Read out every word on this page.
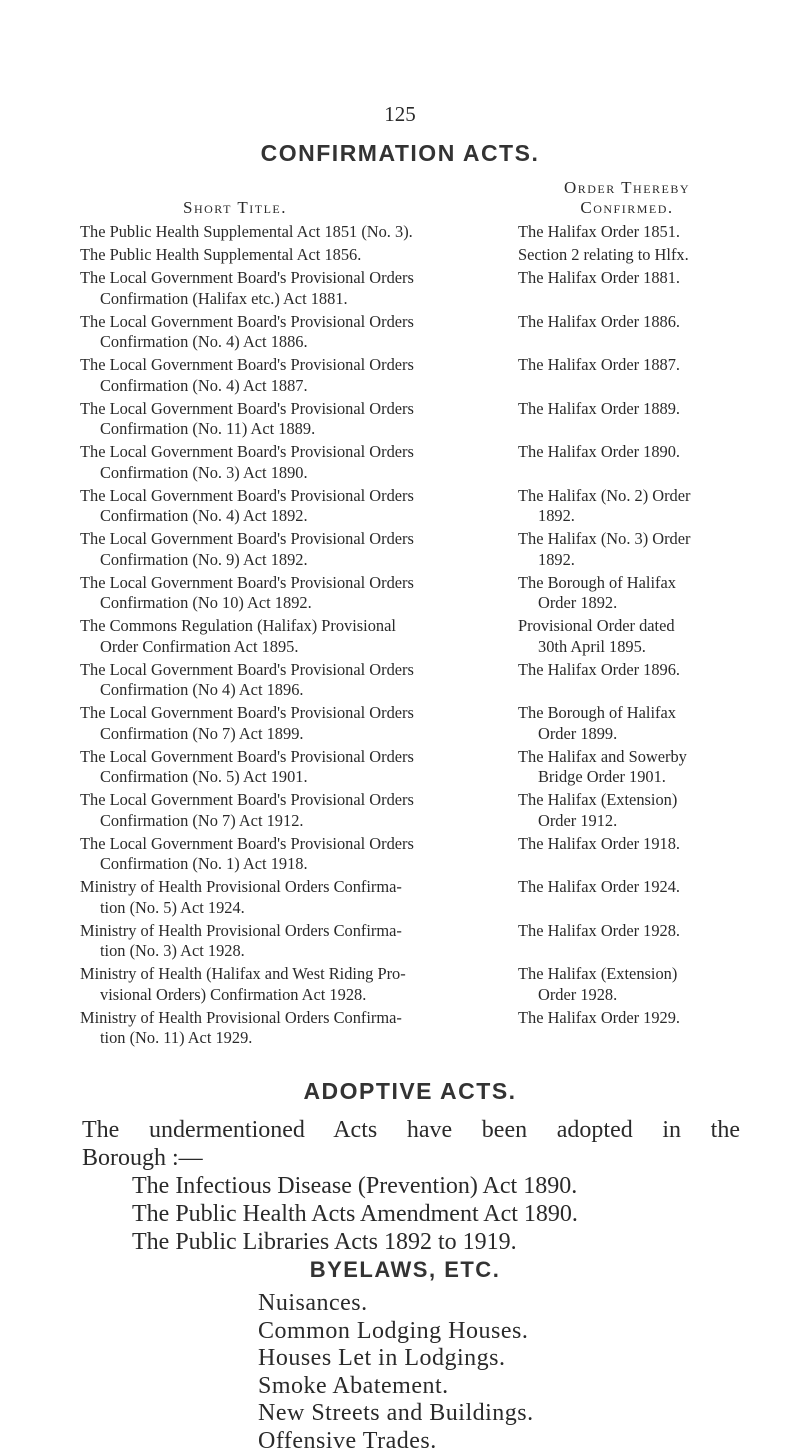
125
CONFIRMATION ACTS.
Short Title.
Order Thereby
Confirmed.
The Public Health Supplemental Act 1851 (No. 3).	The Halifax Order 1851.
The Public Health Supplemental Act 1856.	Section 2 relating to Hlfx.
The Local Government Board's Provisional Orders
Confirmation (Halifax etc.) Act 1881.
The Halifax Order 1881.
The Local Government Board's Provisional Orders
Confirmation (No. 4) Act 1886.
The Halifax Order 1886.
The Local Government Board's Provisional Orders
Confirmation (No. 4) Act 1887.
The Halifax Order 1887.
The Local Government Board's Provisional Orders
Confirmation (No. 11) Act 1889.
The Halifax Order 1889.
The Local Government Board's Provisional Orders
Confirmation (No. 3) Act 1890.
The Halifax Order 1890.
The Local Government Board's Provisional Orders
Confirmation (No. 4) Act 1892.
The Halifax (No. 2) Order
1892.
The Local Government Board's Provisional Orders
Confirmation (No. 9) Act 1892.
The Halifax (No. 3) Order
1892.
The Local Government Board's Provisional Orders
Confirmation (No 10) Act 1892.
The Borough of Halifax
Order 1892.
The Commons Regulation (Halifax) Provisional
Order Confirmation Act 1895.
Provisional Order dated
30th April 1895.
The Local Government Board's Provisional Orders
Confirmation (No 4) Act 1896.
The Halifax Order 1896.
The Local Government Board's Provisional Orders
Confirmation (No 7) Act 1899.
The Borough of Halifax
Order 1899.
The Local Government Board's Provisional Orders
Confirmation (No. 5) Act 1901.
The Halifax and Sowerby
Bridge Order 1901.
The Local Government Board's Provisional Orders
Confirmation (No 7) Act 1912.
The Halifax (Extension)
Order 1912.
The Local Government Board's Provisional Orders
Confirmation (No. 1) Act 1918.
The Halifax Order 1918.
Ministry of Health Provisional Orders Confirma-
tion (No. 5) Act 1924.
The Halifax Order 1924.
Ministry of Health Provisional Orders Confirma-
tion (No. 3) Act 1928.
The Halifax Order 1928.
Ministry of Health (Halifax and West Riding Pro-
visional Orders) Confirmation Act 1928.
The Halifax (Extension)
Order 1928.
Ministry of Health Provisional Orders Confirma-
tion (No. 11) Act 1929.
The Halifax Order 1929.
ADOPTIVE ACTS.
The undermentioned Acts have been adopted in the
Borough :—
The Infectious Disease (Prevention) Act 1890.
The Public Health Acts Amendment Act 1890.
The Public Libraries Acts 1892 to 1919.
BYELAWS, ETC.
Nuisances.
Common Lodging Houses.
Houses Let in Lodgings.
Smoke Abatement.
New Streets and Buildings.
Offensive Trades.
